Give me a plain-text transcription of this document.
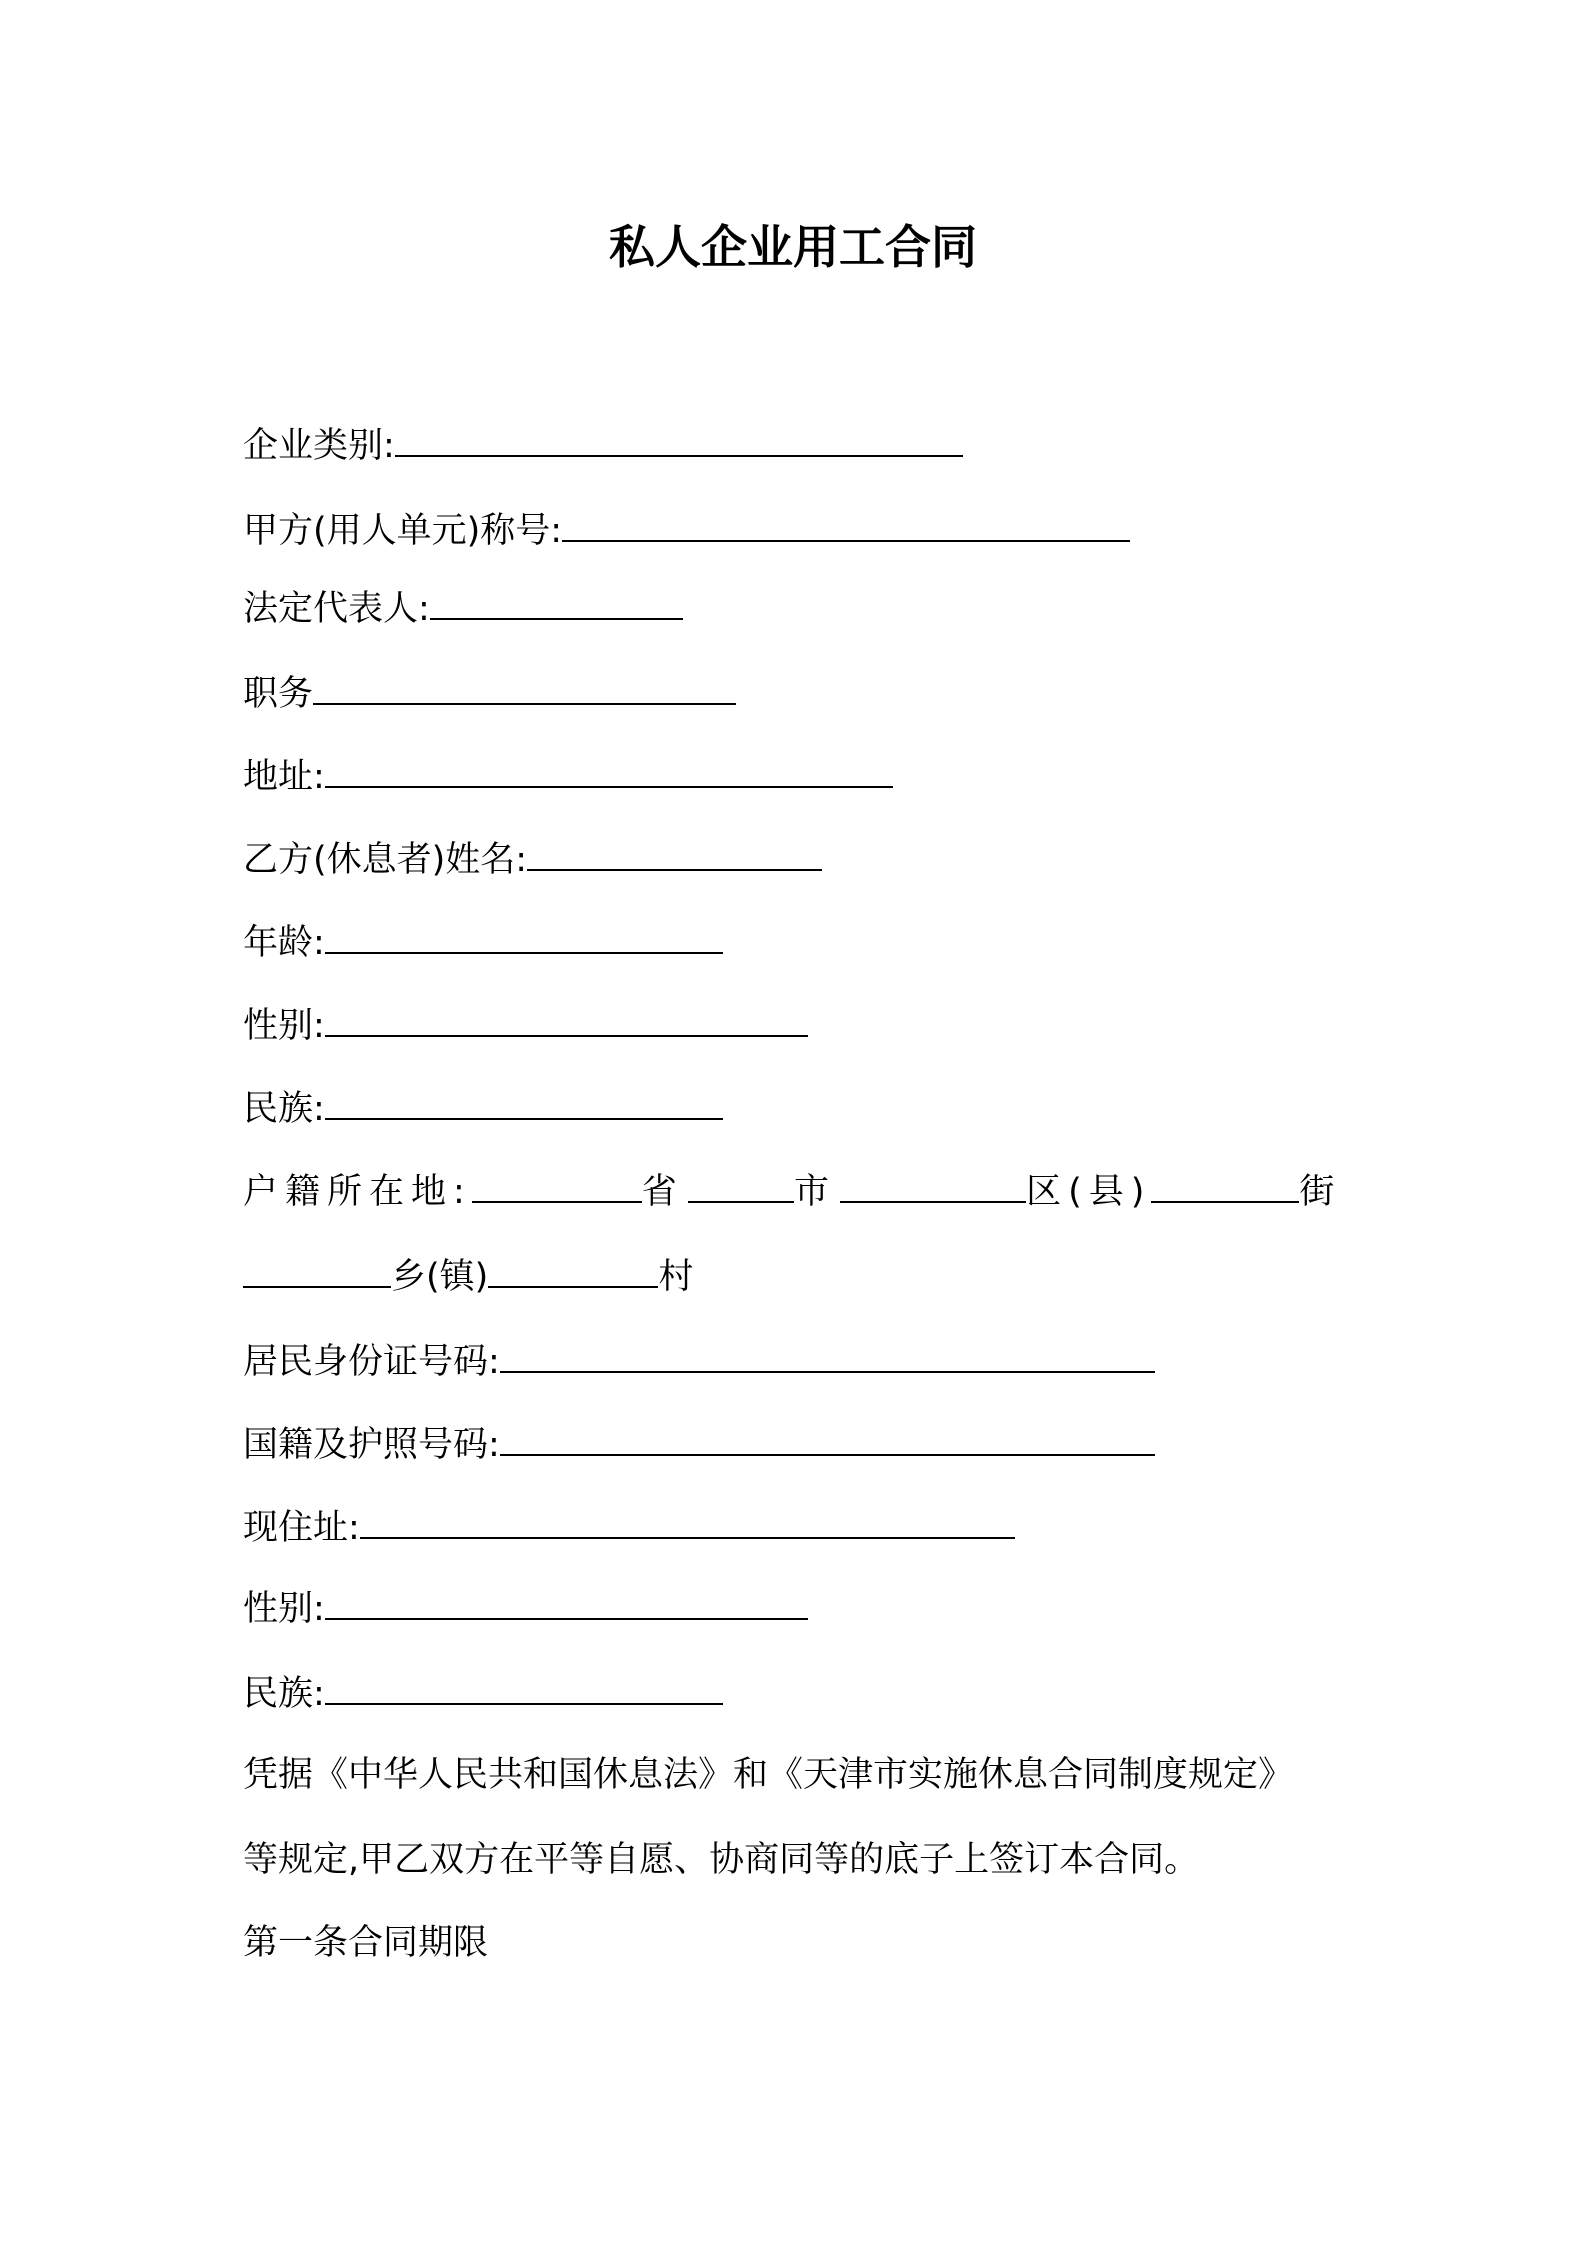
私人企业用工合同
企业类别:
甲方(用人单元)称号:
法定代表人:
职务
地址:
乙方(休息者)姓名:
年龄:
性别:
民族:
户籍所在地:	省	市	区(县)	街
乡(镇)	村
居民身份证号码:
国籍及护照号码:
现住址:
性别:
民族:
凭据《中华人民共和国休息法》和《天津市实施休息合同制度规定》
等规定,甲乙双方在平等自愿、协商同等的底子上签订本合同。
第一条合同期限
